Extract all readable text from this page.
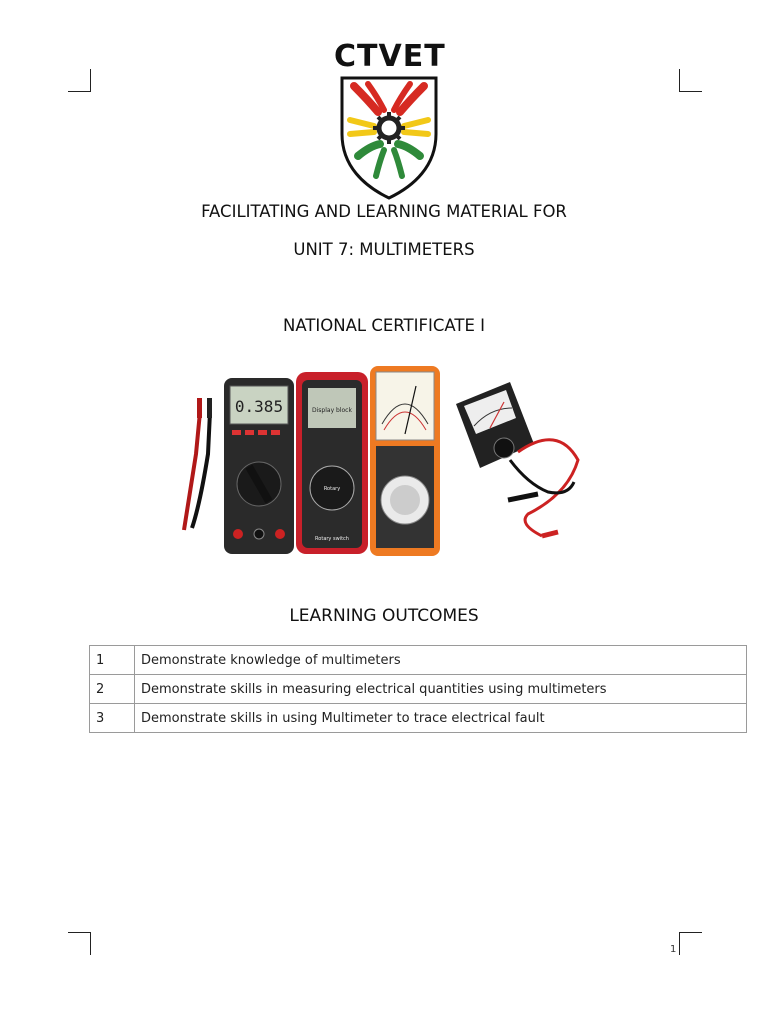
CTVET
FACILITATING AND LEARNING MATERIAL FOR
UNIT 7: MULTIMETERS
NATIONAL CERTIFICATE I
0.385	Display block
Rotary
Rotary switch
LEARNING OUTCOMES
1	Demonstrate knowledge of multimeters
2	Demonstrate skills in measuring electrical quantities using multimeters
3	Demonstrate skills in using Multimeter to trace electrical fault
1
